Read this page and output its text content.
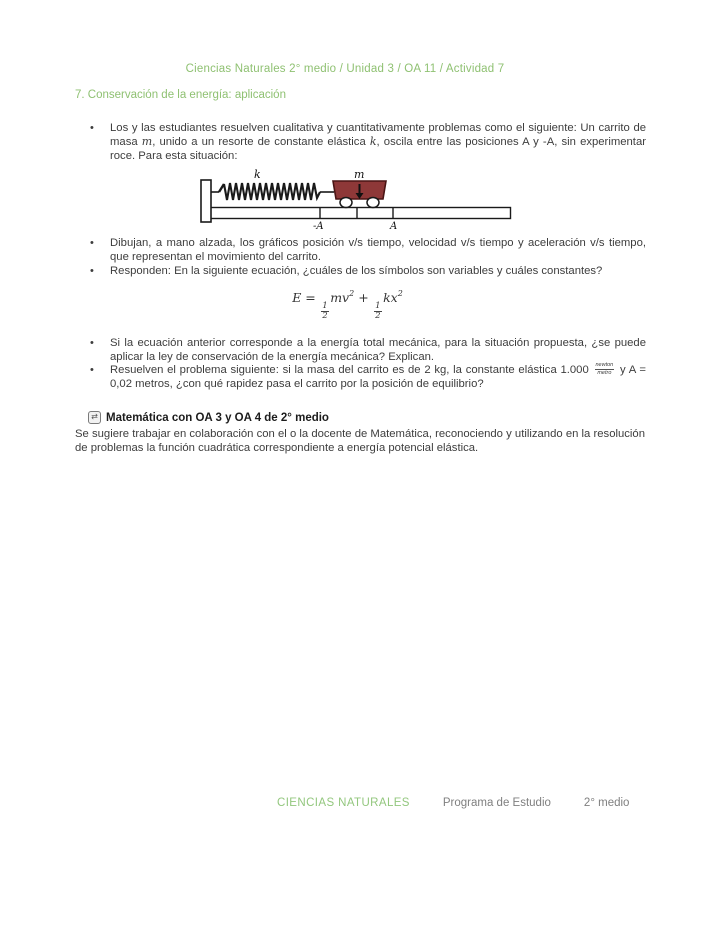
Ciencias Naturales 2° medio / Unidad 3 / OA 11 / Actividad 7
7. Conservación de la energía: aplicación
•	Los y las estudiantes resuelven cualitativa y cuantitativamente problemas como el siguiente: Un carrito de masa m, unido a un resorte de constante elástica k, oscila entre las posiciones A y -A, sin experimentar roce. Para esta situación:
k	m
-A	A
•	Dibujan, a mano alzada, los gráficos posición v/s tiempo, velocidad v/s tiempo y aceleración v/s tiempo, que representan el movimiento del carrito.
•	Responden: En la siguiente ecuación, ¿cuáles de los símbolos son variables y cuáles constantes?
E =
$\frac{1}{2}$
$mv^2$ +
$\frac{1}{2}$
$kx^2$
•	Si la ecuación anterior corresponde a la energía total mecánica, para la situación propuesta, ¿se puede aplicar la ley de conservación de la energía mecánica? Explican.
•	Resuelven el problema siguiente: si la masa del carrito es de 2 kg, la constante elástica $1.000 \frac{\text{newton}}{\text{metro}}$ y A = 0,02 metros, ¿con qué rapidez pasa el carrito por la posición de equilibrio?
⇄ Matemática con OA 3 y OA 4 de 2° medio
Se sugiere trabajar en colaboración con el o la docente de Matemática, reconociendo y utilizando en la resolución de problemas la función cuadrática correspondiente a energía potencial elástica.
CIENCIAS NATURALES	Programa de Estudio	2° medio
